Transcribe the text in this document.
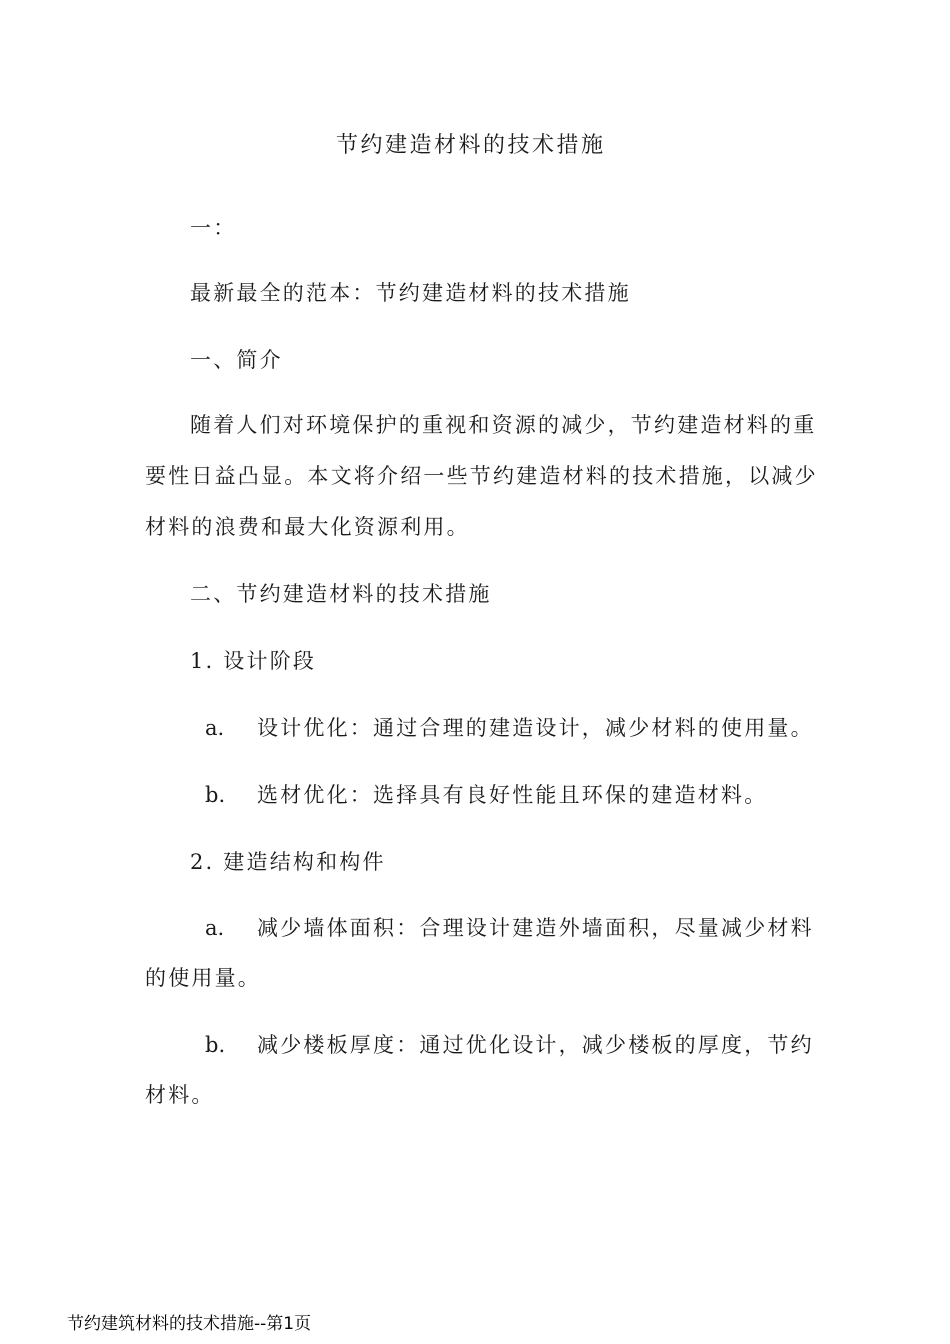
节约建造材料的技术措施
一：
最新最全的范本：节约建造材料的技术措施
一、简介
随着人们对环境保护的重视和资源的减少，节约建造材料的重
要性日益凸显。本文将介绍一些节约建造材料的技术措施，以减少
材料的浪费和最大化资源利用。
二、节约建造材料的技术措施
1. 设计阶段
a. 设计优化：通过合理的建造设计，减少材料的使用量。
b. 选材优化：选择具有良好性能且环保的建造材料。
2. 建造结构和构件
a. 减少墙体面积：合理设计建造外墙面积，尽量减少材料
的使用量。
b. 减少楼板厚度：通过优化设计，减少楼板的厚度，节约
材料。
节约建筑材料的技术措施--第1页
